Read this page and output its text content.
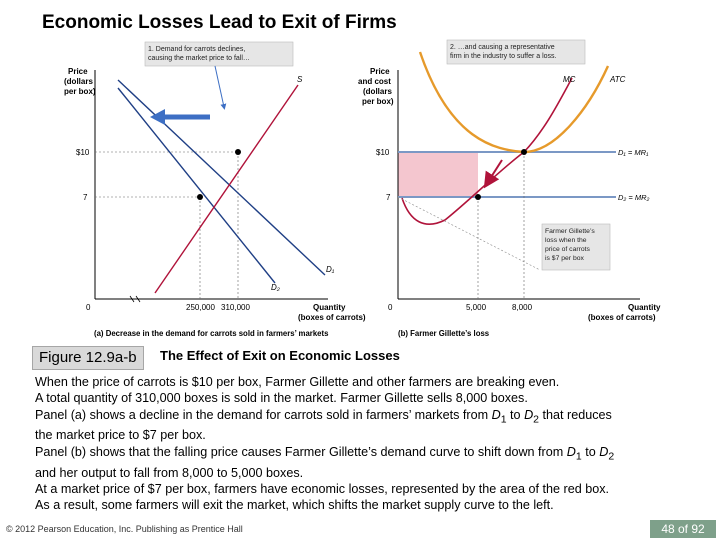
Economic Losses Lead to Exit of Firms
1. Demand for carrots declines,
causing the market price to fall…
Price
(dollars
per box)
$10
7
0	250,000 310,000
S
D₁
D₂
Quantity
(boxes of carrots)
(a) Decrease in the demand for carrots sold in farmers’ markets
2. …and causing a representative
firm in the industry to suffer a loss.
Price
and cost
(dollars
per box)
D₁ = MR₁
D₂ = MR₂
MC	ATC
Farmer Gillette’s
loss when the
price of carrots
is $7 per box
$10
7
0	5,000	8,000	Quantity
(boxes of carrots)
(b) Farmer Gillette’s loss
Figure 12.9a-b	The Effect of Exit on Economic Losses

When the price of carrots is $10 per box, Farmer Gillette and other farmers are breaking even.

A total quantity of 310,000 boxes is sold in the market. Farmer Gillette sells 8,000 boxes.

Panel (a) shows a decline in the demand for carrots sold in farmers’ markets from $D_1$ to $D_2$ that reduces

the market price to $7 per box.

Panel (b) shows that the falling price causes Farmer Gillette’s demand curve to shift down from $D_1$ to $D_2$

and her output to fall from 8,000 to 5,000 boxes.

At a market price of $7 per box, farmers have economic losses, represented by the area of the red box.

As a result, some farmers will exit the market, which shifts the market supply curve to the left.

© 2012 Pearson Education, Inc. Publishing as Prentice Hall	48 of 92
